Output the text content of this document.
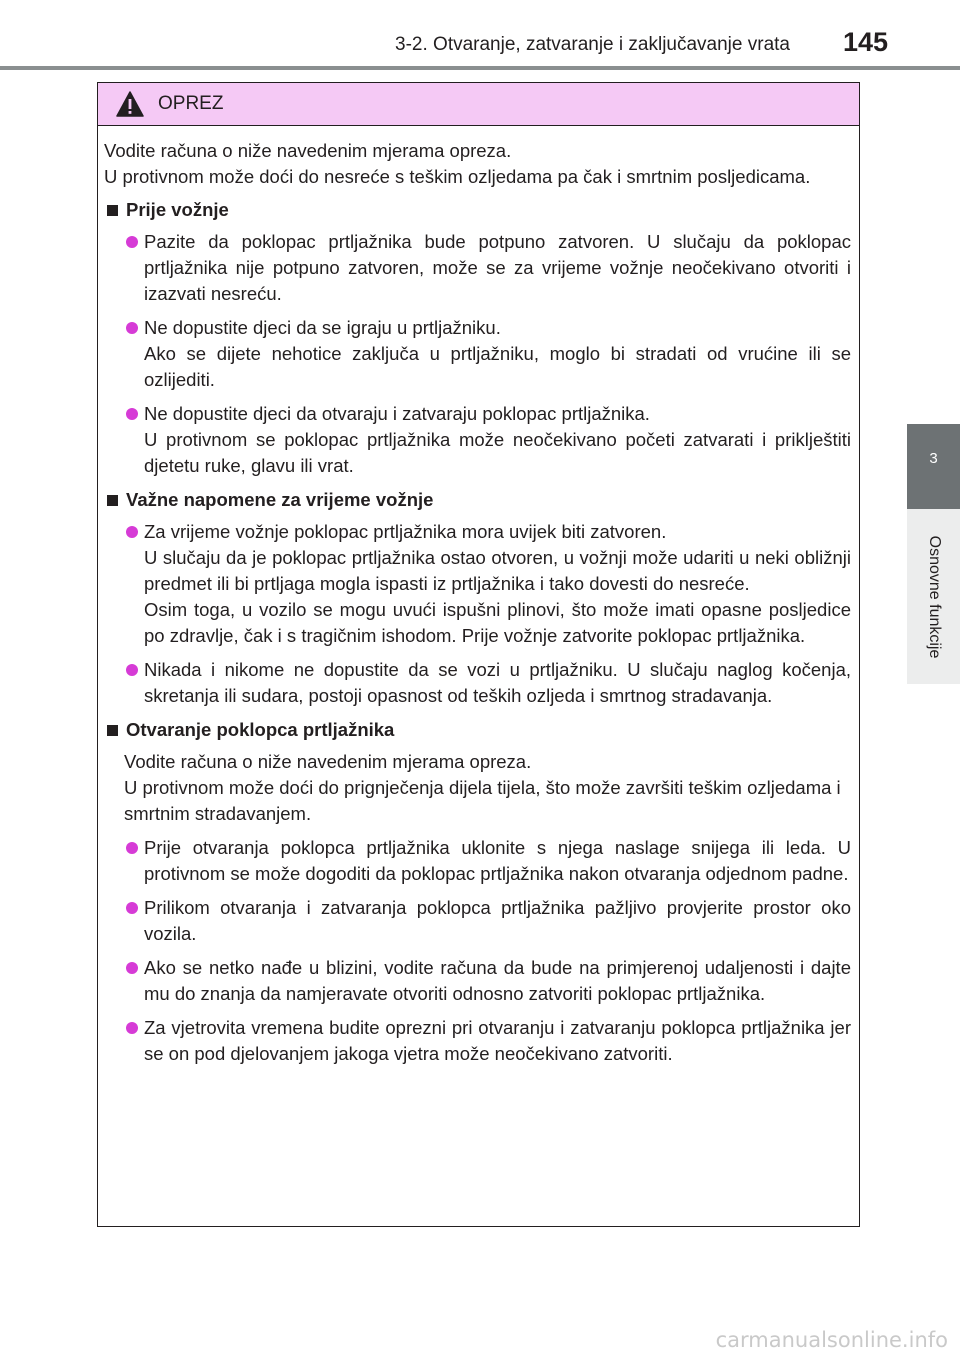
3-2. Otvaranje, zatvaranje i zaključavanje vrata 145
3
Osnovne funkcije
OPREZ

Vodite računa o niže navedenim mjerama opreza.

U protivnom može doći do nesreće s teškim ozljedama pa čak i smrtnim posljedicama.

Prije vožnje

Pazite da poklopac prtljažnika bude potpuno zatvoren. U slučaju da poklopac prtljažnika nije potpuno zatvoren, može se za vrijeme vožnje neočekivano otvoriti i izazvati nesreću.

Ne dopustite djeci da se igraju u prtljažniku.

Ako se dijete nehotice zaključa u prtljažniku, moglo bi stradati od vrućine ili se ozlijediti.

Ne dopustite djeci da otvaraju i zatvaraju poklopac prtljažnika.

U protivnom se poklopac prtljažnika može neočekivano početi zatvarati i priklještiti djetetu ruke, glavu ili vrat.

Važne napomene za vrijeme vožnje

Za vrijeme vožnje poklopac prtljažnika mora uvijek biti zatvoren.

U slučaju da je poklopac prtljažnika ostao otvoren, u vožnji može udariti u neki obližnji predmet ili bi prtljaga mogla ispasti iz prtljažnika i tako dovesti do nesreće.

Osim toga, u vozilo se mogu uvući ispušni plinovi, što može imati opasne posljedice po zdravlje, čak i s tragičnim ishodom. Prije vožnje zatvorite poklopac prtljažnika.

Nikada i nikome ne dopustite da se vozi u prtljažniku. U slučaju naglog kočenja, skretanja ili sudara, postoji opasnost od teških ozljeda i smrtnog stradavanja.

Otvaranje poklopca prtljažnika

Vodite računa o niže navedenim mjerama opreza.

U protivnom može doći do prignječenja dijela tijela, što može završiti teškim ozljedama i smrtnim stradavanjem.

Prije otvaranja poklopca prtljažnika uklonite s njega naslage snijega ili leda. U protivnom se može dogoditi da poklopac prtljažnika nakon otvaranja odjednom padne.

Prilikom otvaranja i zatvaranja poklopca prtljažnika pažljivo provjerite prostor oko vozila.

Ako se netko nađe u blizini, vodite računa da bude na primjerenoj udaljenosti i dajte mu do znanja da namjeravate otvoriti odnosno zatvoriti poklopac prtljažnika.

Za vjetrovita vremena budite oprezni pri otvaranju i zatvaranju poklopca prtljažnika jer se on pod djelovanjem jakoga vjetra može neočekivano zatvoriti.

carmanualsonline.info
